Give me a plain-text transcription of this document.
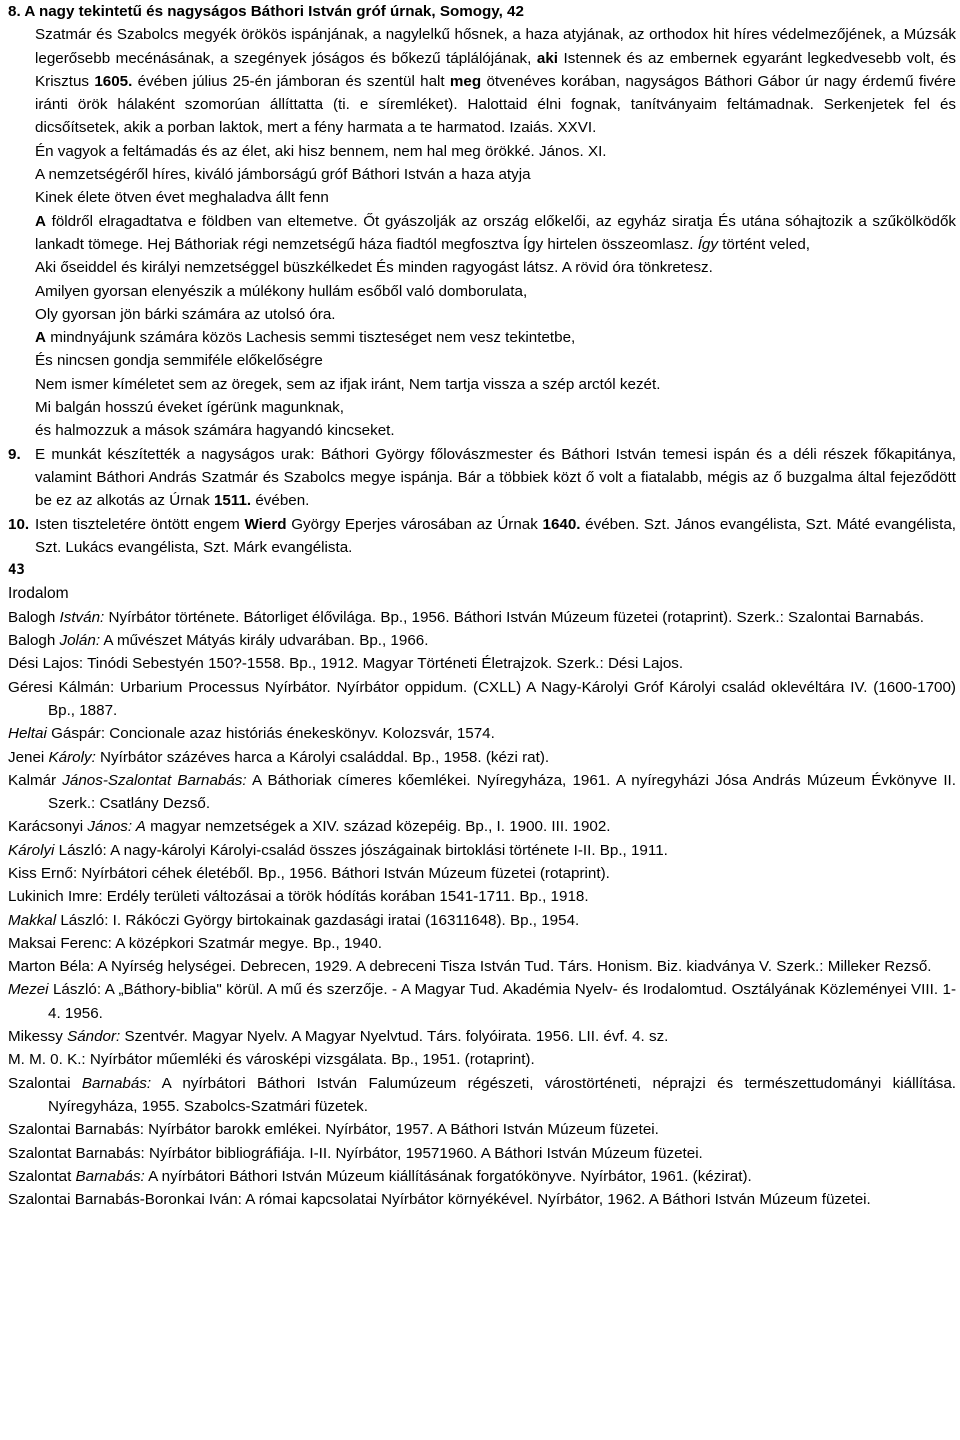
8. A nagy tekintetű és nagyságos Báthori István gróf úrnak, Somogy, 42
Szatmár és Szabolcs megyék örökös ispánjának, a nagylelkű hősnek, a haza atyjának, az orthodox hit híres védelmezőjének, a Múzsák legerősebb mecénásának, a szegények jóságos és bőkezű táplálójának, aki Istennek és az embernek egyaránt legkedvesebb volt, és Krisztus 1605. évében július 25-én jámboran és szentül halt meg ötvenéves korában, nagyságos Báthori Gábor úr nagy érdemű fivére iránti örök hálaként szomorúan állíttatta (ti. e síremléket). Halottaid élni fognak, tanítványaim feltámadnak. Serkenjetek fel és dicsőítsetek, akik a porban laktok, mert a fény harmata a te harmatod. Izaiás. XXVI.
Én vagyok a feltámadás és az élet, aki hisz bennem, nem hal meg örökké. János. XI.
A nemzetségéről híres, kiváló jámborságú gróf Báthori István a haza atyja
Kinek élete ötven évet meghaladva állt fenn
A földről elragadtatva e földben van eltemetve. Őt gyászolják az ország előkelői, az egyház siratja És utána sóhajtozik a szűkölködők lankadt tömege. Hej Báthoriak régi nemzetségű háza fiadtól megfosztva Így hirtelen összeomlasz. Így történt veled,
Aki őseiddel és királyi nemzetséggel büszkélkedet És minden ragyogást látsz. A rövid óra tönkretesz.
Amilyen gyorsan elenyészik a múlékony hullám esőből való domborulata,
Oly gyorsan jön bárki számára az utolsó óra.
A mindnyájunk számára közös Lachesis semmi tiszteséget nem vesz tekintetbe,
És nincsen gondja semmiféle előkelőségre
Nem ismer kíméletet sem az öregek, sem az ifjak iránt, Nem tartja vissza a szép arctól kezét.
Mi balgán hosszú éveket ígérünk magunknak,
és halmozzuk a mások számára hagyandó kincseket.
9. E munkát készítették a nagyságos urak: Báthori György főlovászmester és Báthori István temesi ispán és a déli részek főkapitánya, valamint Báthori András Szatmár és Szabolcs megye ispánja. Bár a többiek közt ő volt a fiatalabb, mégis az ő buzgalma által fejeződött be ez az alkotás az Úrnak 1511. évében.
10. Isten tiszteletére öntött engem Wierd György Eperjes városában az Úrnak 1640. évében. Szt. János evangélista, Szt. Máté evangélista, Szt. Lukács evangélista, Szt. Márk evangélista.
43
Irodalom
Balogh István: Nyírbátor története. Bátorliget élővilága. Bp., 1956. Báthori István Múzeum füzetei (rotaprint). Szerk.: Szalontai Barnabás.
Balogh Jolán: A művészet Mátyás király udvarában. Bp., 1966.
Dési Lajos: Tinódi Sebestyén 150?-1558. Bp., 1912. Magyar Történeti Életrajzok. Szerk.: Dési Lajos.
Géresi Kálmán: Urbarium Processus Nyírbátor. Nyírbátor oppidum. (CXLL) A Nagy-Károlyi Gróf Károlyi család oklevéltára IV. (1600-1700) Bp., 1887.
Heltai Gáspár: Concionale azaz históriás énekeskönyv. Kolozsvár, 1574.
Jenei Károly: Nyírbátor százéves harca a Károlyi családdal. Bp., 1958. (kézi rat).
Kalmár János-Szalontat Barnabás: A Báthoriak címeres kőemlékei. Nyíregyháza, 1961. A nyíregyházi Jósa András Múzeum Évkönyve II. Szerk.: Csatlány Dezső.
Karácsonyi János: A magyar nemzetségek a XIV. század közepéig. Bp., I. 1900. III. 1902.
Károlyi László: A nagy-károlyi Károlyi-család összes jószágainak birtoklási története I-II. Bp., 1911.
Kiss Ernő: Nyírbátori céhek életéből. Bp., 1956. Báthori István Múzeum füzetei (rotaprint).
Lukinich Imre: Erdély területi változásai a török hódítás korában 1541-1711. Bp., 1918.
Makkal László: I. Rákóczi György birtokainak gazdasági iratai (16311648). Bp., 1954.
Maksai Ferenc: A középkori Szatmár megye. Bp., 1940.
Marton Béla: A Nyírség helységei. Debrecen, 1929. A debreceni Tisza István Tud. Társ. Honism. Biz. kiadványa V. Szerk.: Milleker Rezső.
Mezei László: A „Báthory-biblia" körül. A mű és szerzője. - A Magyar Tud. Akadémia Nyelv- és Irodalomtud. Osztályának Közleményei VIII. 1-4. 1956.
Mikessy Sándor: Szentvér. Magyar Nyelv. A Magyar Nyelvtud. Társ. folyóirata. 1956. LII. évf. 4. sz.
M. M. 0. K.: Nyírbátor műemléki és városképi vizsgálata. Bp., 1951. (rotaprint).
Szalontai Barnabás: A nyírbátori Báthori István Falumúzeum régészeti, várostörténeti, néprajzi és természettudományi kiállítása. Nyíregyháza, 1955. Szabolcs-Szatmári füzetek.
Szalontai Barnabás: Nyírbátor barokk emlékei. Nyírbátor, 1957. A Báthori István Múzeum füzetei.
Szalontat Barnabás: Nyírbátor bibliográfiája. I-II. Nyírbátor, 19571960. A Báthori István Múzeum füzetei.
Szalontat Barnabás: A nyírbátori Báthori István Múzeum kiállításának forgatókönyve. Nyírbátor, 1961. (kézirat).
Szalontai Barnabás-Boronkai Iván: A római kapcsolatai Nyírbátor környékével. Nyírbátor, 1962. A Báthori István Múzeum füzetei.
